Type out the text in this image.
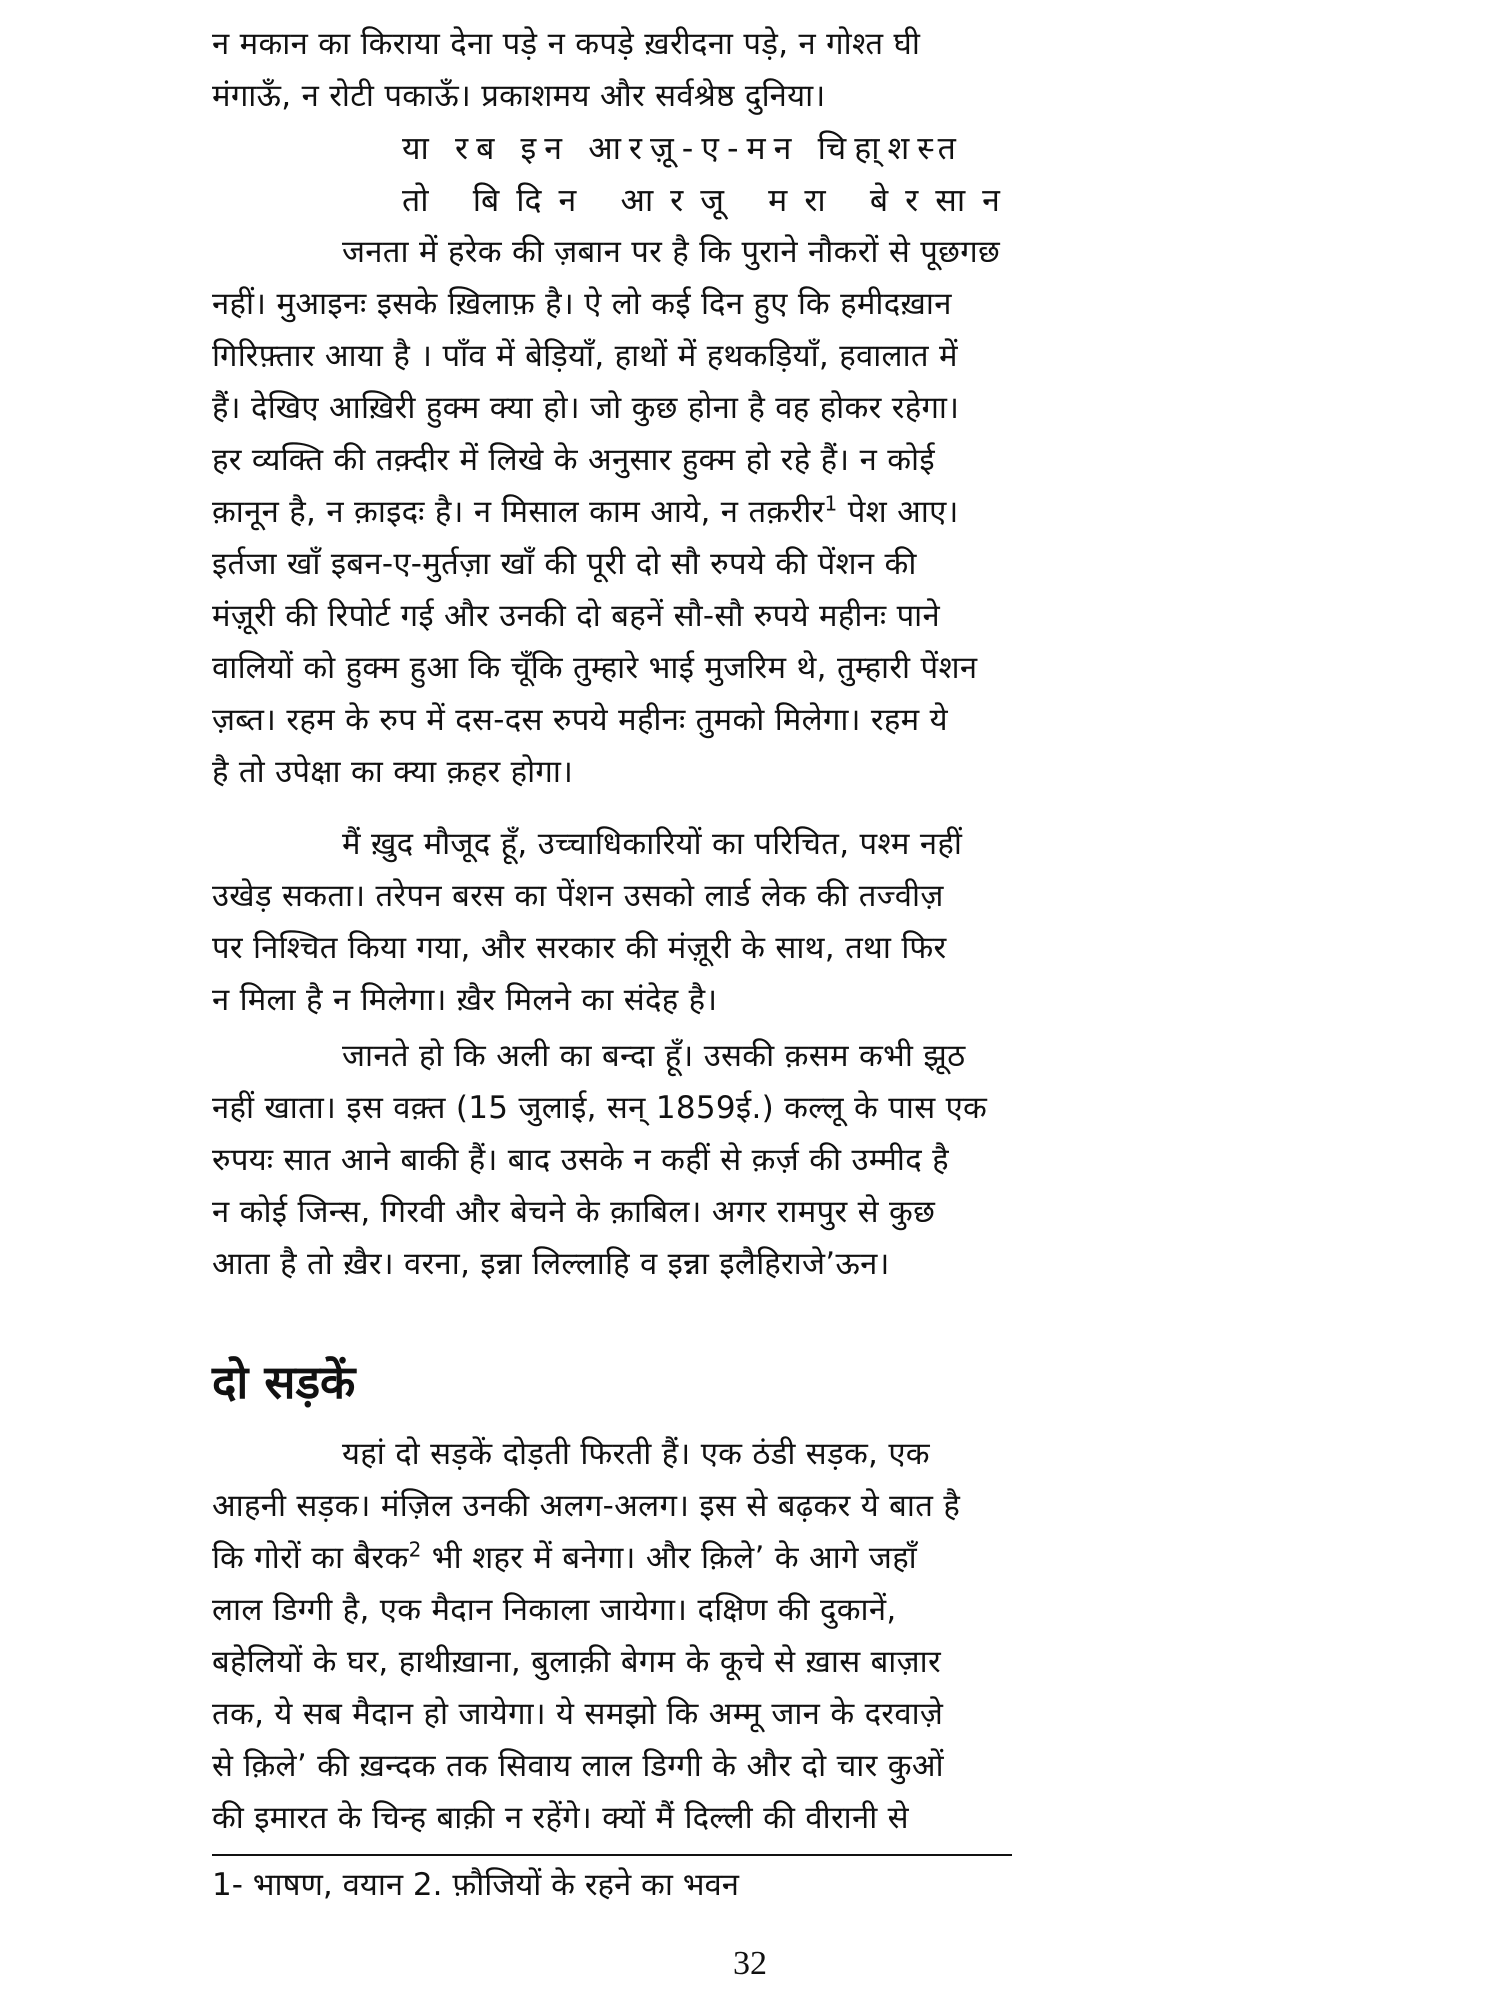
न मकान का किराया देना पड़े न कपड़े ख़रीदना पड़े, न गोश्त घी
मंगाऊँ, न रोटी पकाऊँ। प्रकाशमय और सर्वश्रेष्ठ दुनिया।
या रब इन आरज़ू-ए-मन चिहा्शस्त
तो बिदिन आरजू मरा बेरसान
जनता में हरेक की ज़बान पर है कि पुराने नौकरों से पूछगछ
नहीं। मुआइनः इसके ख़िलाफ़ है। ऐ लो कई दिन हुए कि हमीदख़ान
गिरिफ़्तार आया है । पाँव में बेड़ियाँ, हाथों में हथकड़ियाँ, हवालात में
हैं। देखिए आख़िरी हुक्म क्या हो। जो कुछ होना है वह होकर रहेगा।
हर व्यक्ति की तक़्दीर में लिखे के अनुसार हुक्म हो रहे हैं। न कोई
क़ानून है, न क़ाइदः है। न मिसाल काम आये, न तक़रीर$^1$ पेश आए।
इर्तजा खाँ इबन-ए-मुर्तज़ा खाँ की पूरी दो सौ रुपये की पेंशन की
मंज़ूरी की रिपोर्ट गई और उनकी दो बहनें सौ-सौ रुपये महीनः पाने
वालियों को हुक्म हुआ कि चूँकि तुम्हारे भाई मुजरिम थे, तुम्हारी पेंशन
ज़ब्त। रहम के रुप में दस-दस रुपये महीनः तुमको मिलेगा। रहम ये
है तो उपेक्षा का क्या क़हर होगा।
मैं ख़ुद मौजूद हूँ, उच्चाधिकारियों का परिचित, पश्म नहीं
उखेड़ सकता। तरेपन बरस का पेंशन उसको लार्ड लेक की तज्वीज़
पर निश्चित किया गया, और सरकार की मंज़ूरी के साथ, तथा फिर
न मिला है न मिलेगा। ख़ैर मिलने का संदेह है।
जानते हो कि अली का बन्दा हूँ। उसकी क़सम कभी झूठ
नहीं खाता। इस वक़्त (15 जुलाई, सन् 1859ई.) कल्लू के पास एक
रुपयः सात आने बाकी हैं। बाद उसके न कहीं से क़र्ज़ की उम्मीद है
न कोई जिन्स, गिरवी और बेचने के क़ाबिल। अगर रामपुर से कुछ
आता है तो ख़ैर। वरना, इन्ना लिल्लाहि व इन्ना इलैहिराजे’ऊन।
दो सड़कें
यहां दो सड़कें दोड़ती फिरती हैं। एक ठंडी सड़क, एक
आहनी सड़क। मंज़िल उनकी अलग-अलग। इस से बढ़कर ये बात है
कि गोरों का बैरक$^2$ भी शहर में बनेगा। और क़िले’ के आगे जहाँ
लाल डिग्गी है, एक मैदान निकाला जायेगा। दक्षिण की दुकानें,
बहेलियों के घर, हाथीख़ाना, बुलाक़ी बेगम के कूचे से ख़ास बाज़ार
तक, ये सब मैदान हो जायेगा। ये समझो कि अम्मू जान के दरवाज़े
से क़िले’ की ख़न्दक तक सिवाय लाल डिग्गी के और दो चार कुओं
की इमारत के चिन्ह बाक़ी न रहेंगे। क्यों मैं दिल्ली की वीरानी से
1- भाषण, वयान 2. फ़ौजियों के रहने का भवन
32
